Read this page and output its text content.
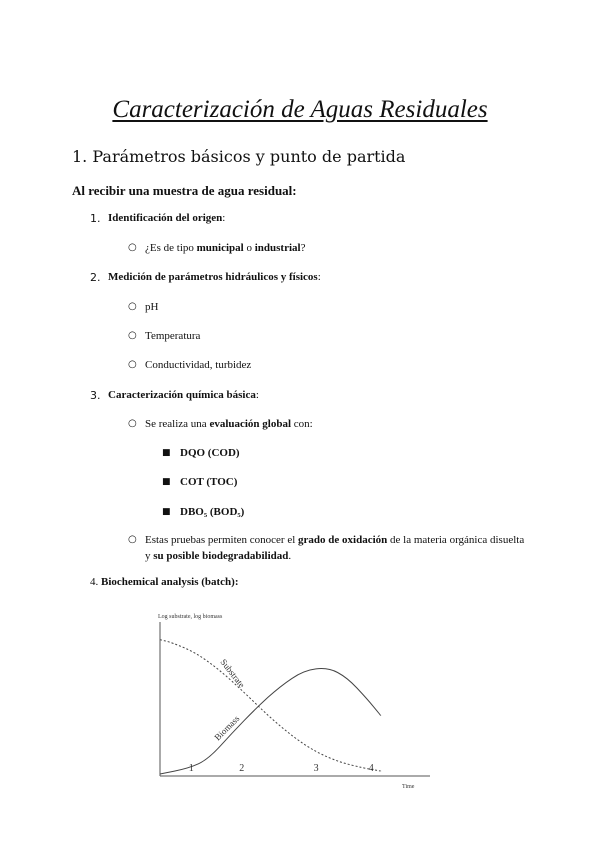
Caracterización de Aguas Residuales
1. Parámetros básicos y punto de partida
Al recibir una muestra de agua residual:
1. Identificación del origen:
○ ¿Es de tipo municipal o industrial?
2. Medición de parámetros hidráulicos y físicos:
○ pH
○ Temperatura
○ Conductividad, turbidez
3. Caracterización química básica:
○ Se realiza una evaluación global con:
■ DQO (COD)
■ COT (TOC)
■ DBO₅ (BOD₅)
○ Estas pruebas permiten conocer el grado de oxidación de la materia orgánica disuelta
y su posible biodegradabilidad.
4. Biochemical analysis (batch):
Log substrate, log biomass
Time
1	2	3	4
Substrate
Biomass
